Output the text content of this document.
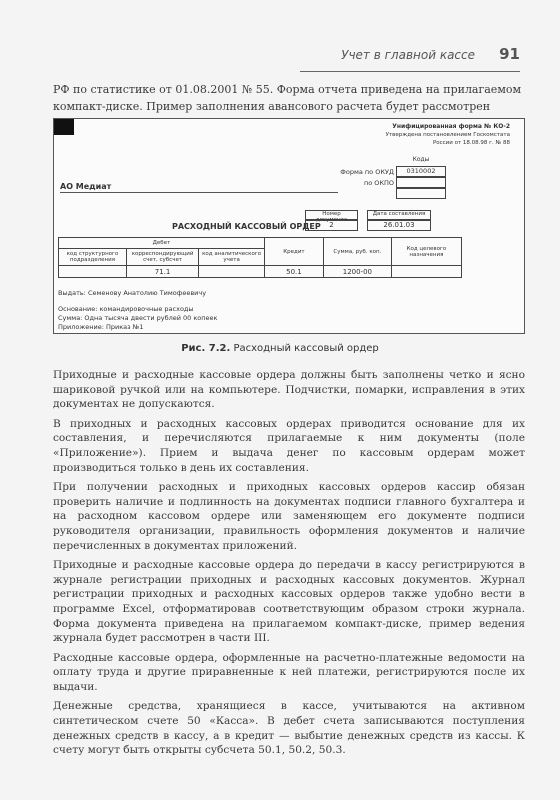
Учет в главной кассе 91
РФ по статистике от 01.08.2001 № 55. Форма отчета приведена на прилагаемом компакт-диске. Пример заполнения авансового расчета будет рассмотрен
Унифицированная форма № КО-2
Утверждена постановлением Госкомстата
России от 18.08.98 г. № 88
Коды
Форма по ОКУД	0310002
по ОКПО
АО Медиат
Номер документа
Дата составления
РАСХОДНЫЙ КАССОВЫЙ ОРДЕР	2	26.01.03
Дебет			Кредит	Сумма, руб. коп.	Код целевого назначения
код структурного подразделения	корреспондирующий счет, субсчет	код аналитического учета			
	71.1		50.1	1200-00	
Выдать: Семенову Анатолию Тимофеевичу
Основание: командировочные расходы
Сумма: Одна тысяча двести рублей 00 копеек
Приложение: Приказ №1
Рис. 7.2. Расходный кассовый ордер

Приходные и расходные кассовые ордера должны быть заполнены четко и ясно шариковой ручкой или на компьютере. Подчистки, помарки, исправления в этих документах не допускаются.

В приходных и расходных кассовых ордерах приводится основание для их составления, и перечисляются прилагаемые к ним документы (поле «Приложение»). Прием и выдача денег по кассовым ордерам может производиться только в день их составления.

При получении расходных и приходных кассовых ордеров кассир обязан проверить наличие и подлинность на документах подписи главного бухгалтера и на расходном кассовом ордере или заменяющем его документе подписи руководителя организации, правильность оформления документов и наличие перечисленных в документах приложений.

Приходные и расходные кассовые ордера до передачи в кассу регистрируются в журнале регистрации приходных и расходных кассовых документов. Журнал регистрации приходных и расходных кассовых ордеров также удобно вести в программе Excel, отформатировав соответствующим образом строки журнала. Форма документа приведена на прилагаемом компакт-диске, пример ведения журнала будет рассмотрен в части III.

Расходные кассовые ордера, оформленные на расчетно-платежные ведомости на оплату труда и другие приравненные к ней платежи, регистрируются после их выдачи.

Денежные средства, хранящиеся в кассе, учитываются на активном синтетическом счете 50 «Касса». В дебет счета записываются поступления денежных средств в кассу, а в кредит — выбытие денежных средств из кассы. К счету могут быть открыты субсчета 50.1, 50.2, 50.3.
